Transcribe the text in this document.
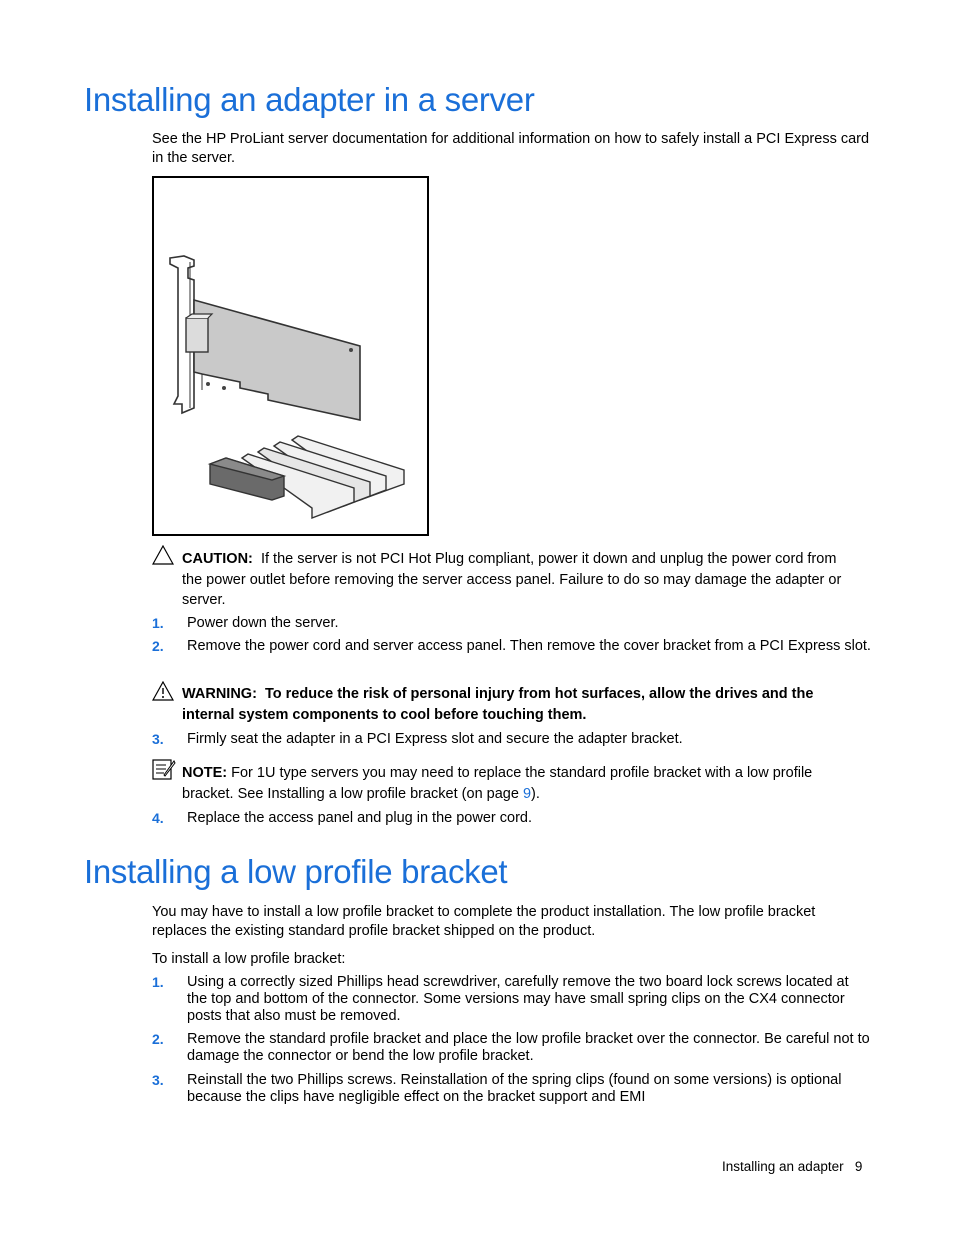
Installing an adapter in a server
See the HP ProLiant server documentation for additional information on how to safely install a PCI Express card in the server.
CAUTION: If the server is not PCI Hot Plug compliant, power it down and unplug the power cord from the power outlet before removing the server access panel. Failure to do so may damage the adapter or server.
1. Power down the server.
2. Remove the power cord and server access panel. Then remove the cover bracket from a PCI Express slot.
WARNING: To reduce the risk of personal injury from hot surfaces, allow the drives and the internal system components to cool before touching them.
3. Firmly seat the adapter in a PCI Express slot and secure the adapter bracket.
NOTE: For 1U type servers you may need to replace the standard profile bracket with a low profile bracket. See Installing a low profile bracket (on page 9).
4. Replace the access panel and plug in the power cord.
Installing a low profile bracket
You may have to install a low profile bracket to complete the product installation. The low profile bracket replaces the existing standard profile bracket shipped on the product.
To install a low profile bracket:
1. Using a correctly sized Phillips head screwdriver, carefully remove the two board lock screws located at the top and bottom of the connector. Some versions may have small spring clips on the CX4 connector posts that also must be removed.
2. Remove the standard profile bracket and place the low profile bracket over the connector. Be careful not to damage the connector or bend the low profile bracket.
3. Reinstall the two Phillips screws. Reinstallation of the spring clips (found on some versions) is optional because the clips have negligible effect on the bracket support and EMI
Installing an adapter 9
